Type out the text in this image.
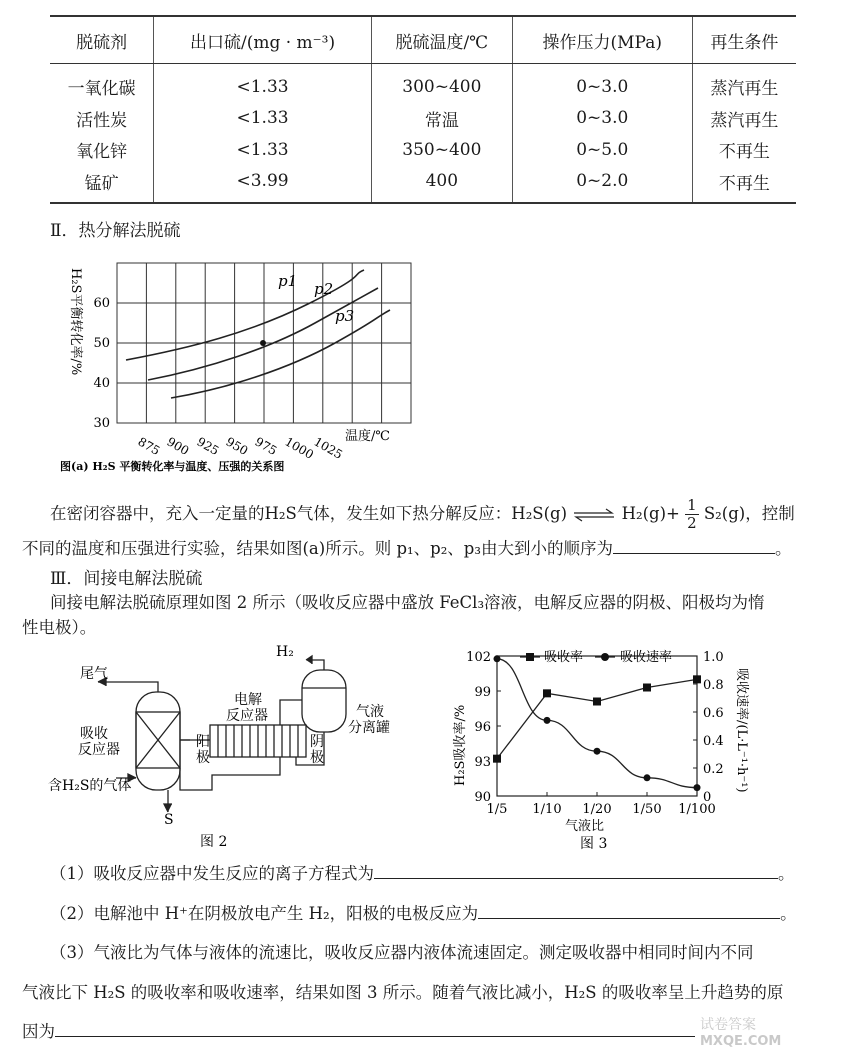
脱硫剂	出口硫/(mg · m⁻³)	脱硫温度/℃	操作压力(MPa)	再生条件
一氧化碳	<1.33	300~400	0~3.0	蒸汽再生
活性炭	<1.33	常温	0~3.0	蒸汽再生
氧化锌	<1.33	350~400	0~5.0	不再生
锰矿	<3.99	400	0~2.0	不再生
Ⅱ．热分解法脱硫
30
40
50
60
875 900 925 950 975 1000
1025 温度/℃
H₂S平衡转化率/%	p1 p2
p3
图(a) H₂S 平衡转化率与温度、压强的关系图
在密闭容器中，充入一定量的H₂S气体，发生如下热分解反应：H₂S(g) ⇌ $H_2(g)+ \frac{1}{2} S_2(g)$，控制
不同的温度和压强进行实验，结果如图(a)所示。则 p₁、p₂、p₃由大到小的顺序为	。
Ⅲ．间接电解法脱硫
间接电解法脱硫原理如图 2 所示（吸收反应器中盛放 FeCl₃溶液，电解反应器的阴极、阳极均为惰
性电极）。
尾气
吸收
反应器
含H₂S的气体
S
电解
反应器
阳
极
阴
极
H₂
气液
分离罐
图 2
1/5 1/10 1/20 1/50 1/100
90
93
96
99
102
0
0.2
0.4
0.6
0.8
1.0
吸收率	吸收速率
H₂S吸收率/%	吸收速率/(L·L⁻¹·h⁻¹)
气液比
图 3
（1）吸收反应器中发生反应的离子方程式为	。
（2）电解池中 H⁺在阴极放电产生 H₂，阳极的电极反应为	。
（3）气液比为气体与液体的流速比，吸收反应器内液体流速固定。测定吸收器中相同时间内不同
气液比下 H₂S 的吸收率和吸收速率，结果如图 3 所示。随着气液比减小，H₂S 的吸收率呈上升趋势的原
因为	试卷答案
MXQE.COM
